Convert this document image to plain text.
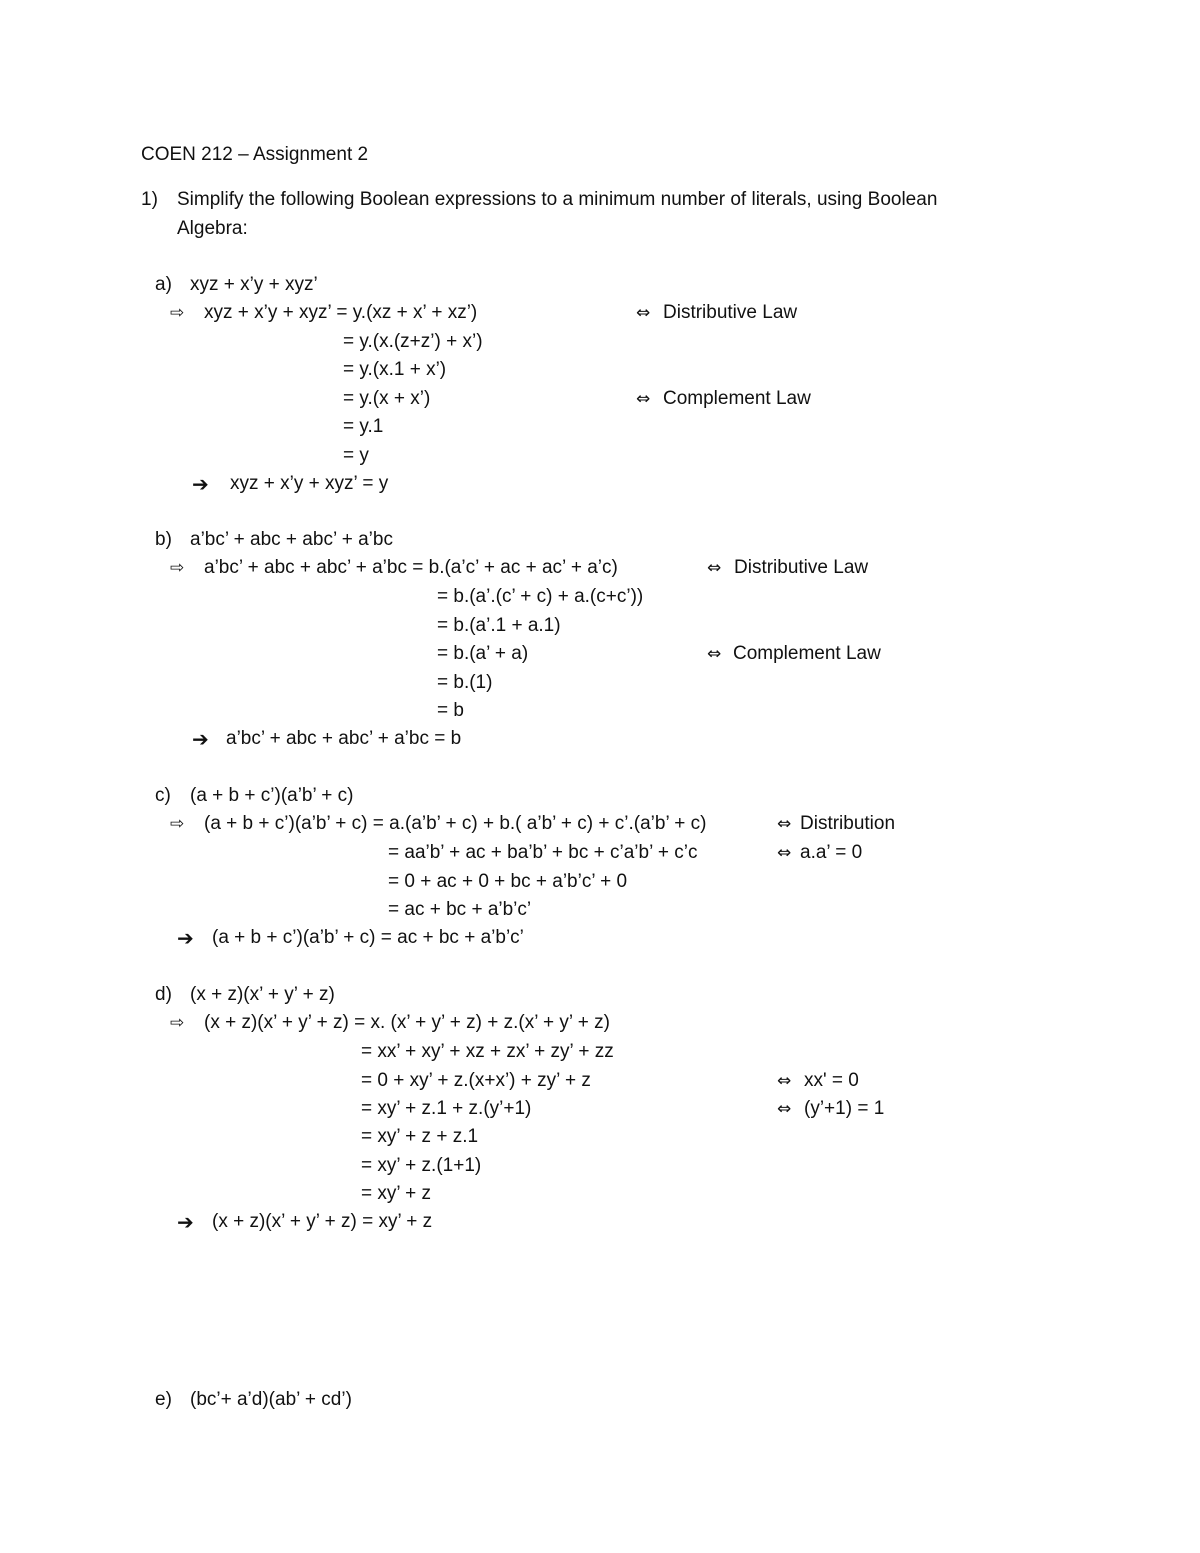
COEN 212 – Assignment 2
1) Simplify the following Boolean expressions to a minimum number of literals, using Boolean
Algebra:
a) xyz + x’y + xyz’
⇨ xyz + x’y + xyz’ = y.(xz + x’ + xz’)	⇔ Distributive Law
= y.(x.(z+z’) + x’)
= y.(x.1 + x’)
= y.(x + x’)	⇔ Complement Law
= y.1
= y
➔ xyz + x’y + xyz’ = y
b) a’bc’ + abc + abc’ + a’bc
⇨ a’bc’ + abc + abc’ + a’bc = b.(a’c’ + ac + ac’ + a’c)	⇔ Distributive Law
= b.(a’.(c’ + c) + a.(c+c’))
= b.(a’.1 + a.1)
= b.(a’ + a)	⇔ Complement Law
= b.(1)
= b
➔ a’bc’ + abc + abc’ + a’bc = b
c) (a + b + c’)(a’b’ + c)
⇨ (a + b + c’)(a’b’ + c) = a.(a’b’ + c) + b.( a’b’ + c) + c’.(a’b’ + c)	⇔ Distribution
= aa’b’ + ac + ba’b’ + bc + c’a’b’ + c’c	⇔ a.a’ = 0
= 0 + ac + 0 + bc + a’b’c’ + 0
= ac + bc + a’b’c’
➔ (a + b + c’)(a’b’ + c) = ac + bc + a’b’c’
d) (x + z)(x’ + y’ + z)
⇨ (x + z)(x’ + y’ + z) = x. (x’ + y’ + z) + z.(x’ + y’ + z)
= xx’ + xy’ + xz + zx’ + zy’ + zz
= 0 + xy’ + z.(x+x’) + zy’ + z	⇔ xx' = 0
= xy’ + z.1 + z.(y’+1)	⇔ (y’+1) = 1
= xy’ + z + z.1
= xy’ + z.(1+1)
= xy’ + z
➔ (x + z)(x’ + y’ + z) = xy’ + z
e) (bc’+ a’d)(ab’ + cd’)
